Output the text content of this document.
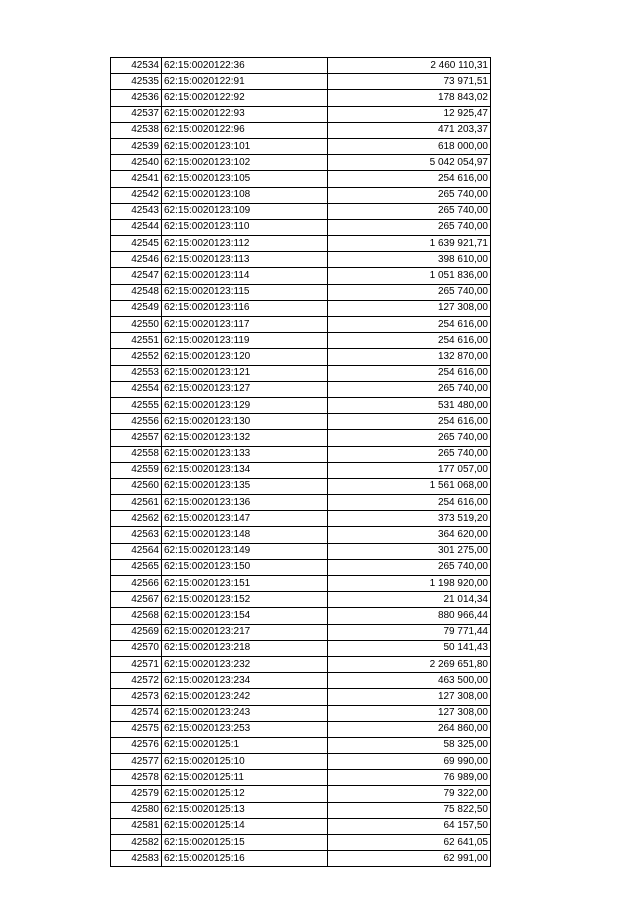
42534	62:15:0020122:36	2 460 110,31
42535	62:15:0020122:91	73 971,51
42536	62:15:0020122:92	178 843,02
42537	62:15:0020122:93	12 925,47
42538	62:15:0020122:96	471 203,37
42539	62:15:0020123:101	618 000,00
42540	62:15:0020123:102	5 042 054,97
42541	62:15:0020123:105	254 616,00
42542	62:15:0020123:108	265 740,00
42543	62:15:0020123:109	265 740,00
42544	62:15:0020123:110	265 740,00
42545	62:15:0020123:112	1 639 921,71
42546	62:15:0020123:113	398 610,00
42547	62:15:0020123:114	1 051 836,00
42548	62:15:0020123:115	265 740,00
42549	62:15:0020123:116	127 308,00
42550	62:15:0020123:117	254 616,00
42551	62:15:0020123:119	254 616,00
42552	62:15:0020123:120	132 870,00
42553	62:15:0020123:121	254 616,00
42554	62:15:0020123:127	265 740,00
42555	62:15:0020123:129	531 480,00
42556	62:15:0020123:130	254 616,00
42557	62:15:0020123:132	265 740,00
42558	62:15:0020123:133	265 740,00
42559	62:15:0020123:134	177 057,00
42560	62:15:0020123:135	1 561 068,00
42561	62:15:0020123:136	254 616,00
42562	62:15:0020123:147	373 519,20
42563	62:15:0020123:148	364 620,00
42564	62:15:0020123:149	301 275,00
42565	62:15:0020123:150	265 740,00
42566	62:15:0020123:151	1 198 920,00
42567	62:15:0020123:152	21 014,34
42568	62:15:0020123:154	880 966,44
42569	62:15:0020123:217	79 771,44
42570	62:15:0020123:218	50 141,43
42571	62:15:0020123:232	2 269 651,80
42572	62:15:0020123:234	463 500,00
42573	62:15:0020123:242	127 308,00
42574	62:15:0020123:243	127 308,00
42575	62:15:0020123:253	264 860,00
42576	62:15:0020125:1	58 325,00
42577	62:15:0020125:10	69 990,00
42578	62:15:0020125:11	76 989,00
42579	62:15:0020125:12	79 322,00
42580	62:15:0020125:13	75 822,50
42581	62:15:0020125:14	64 157,50
42582	62:15:0020125:15	62 641,05
42583	62:15:0020125:16	62 991,00
